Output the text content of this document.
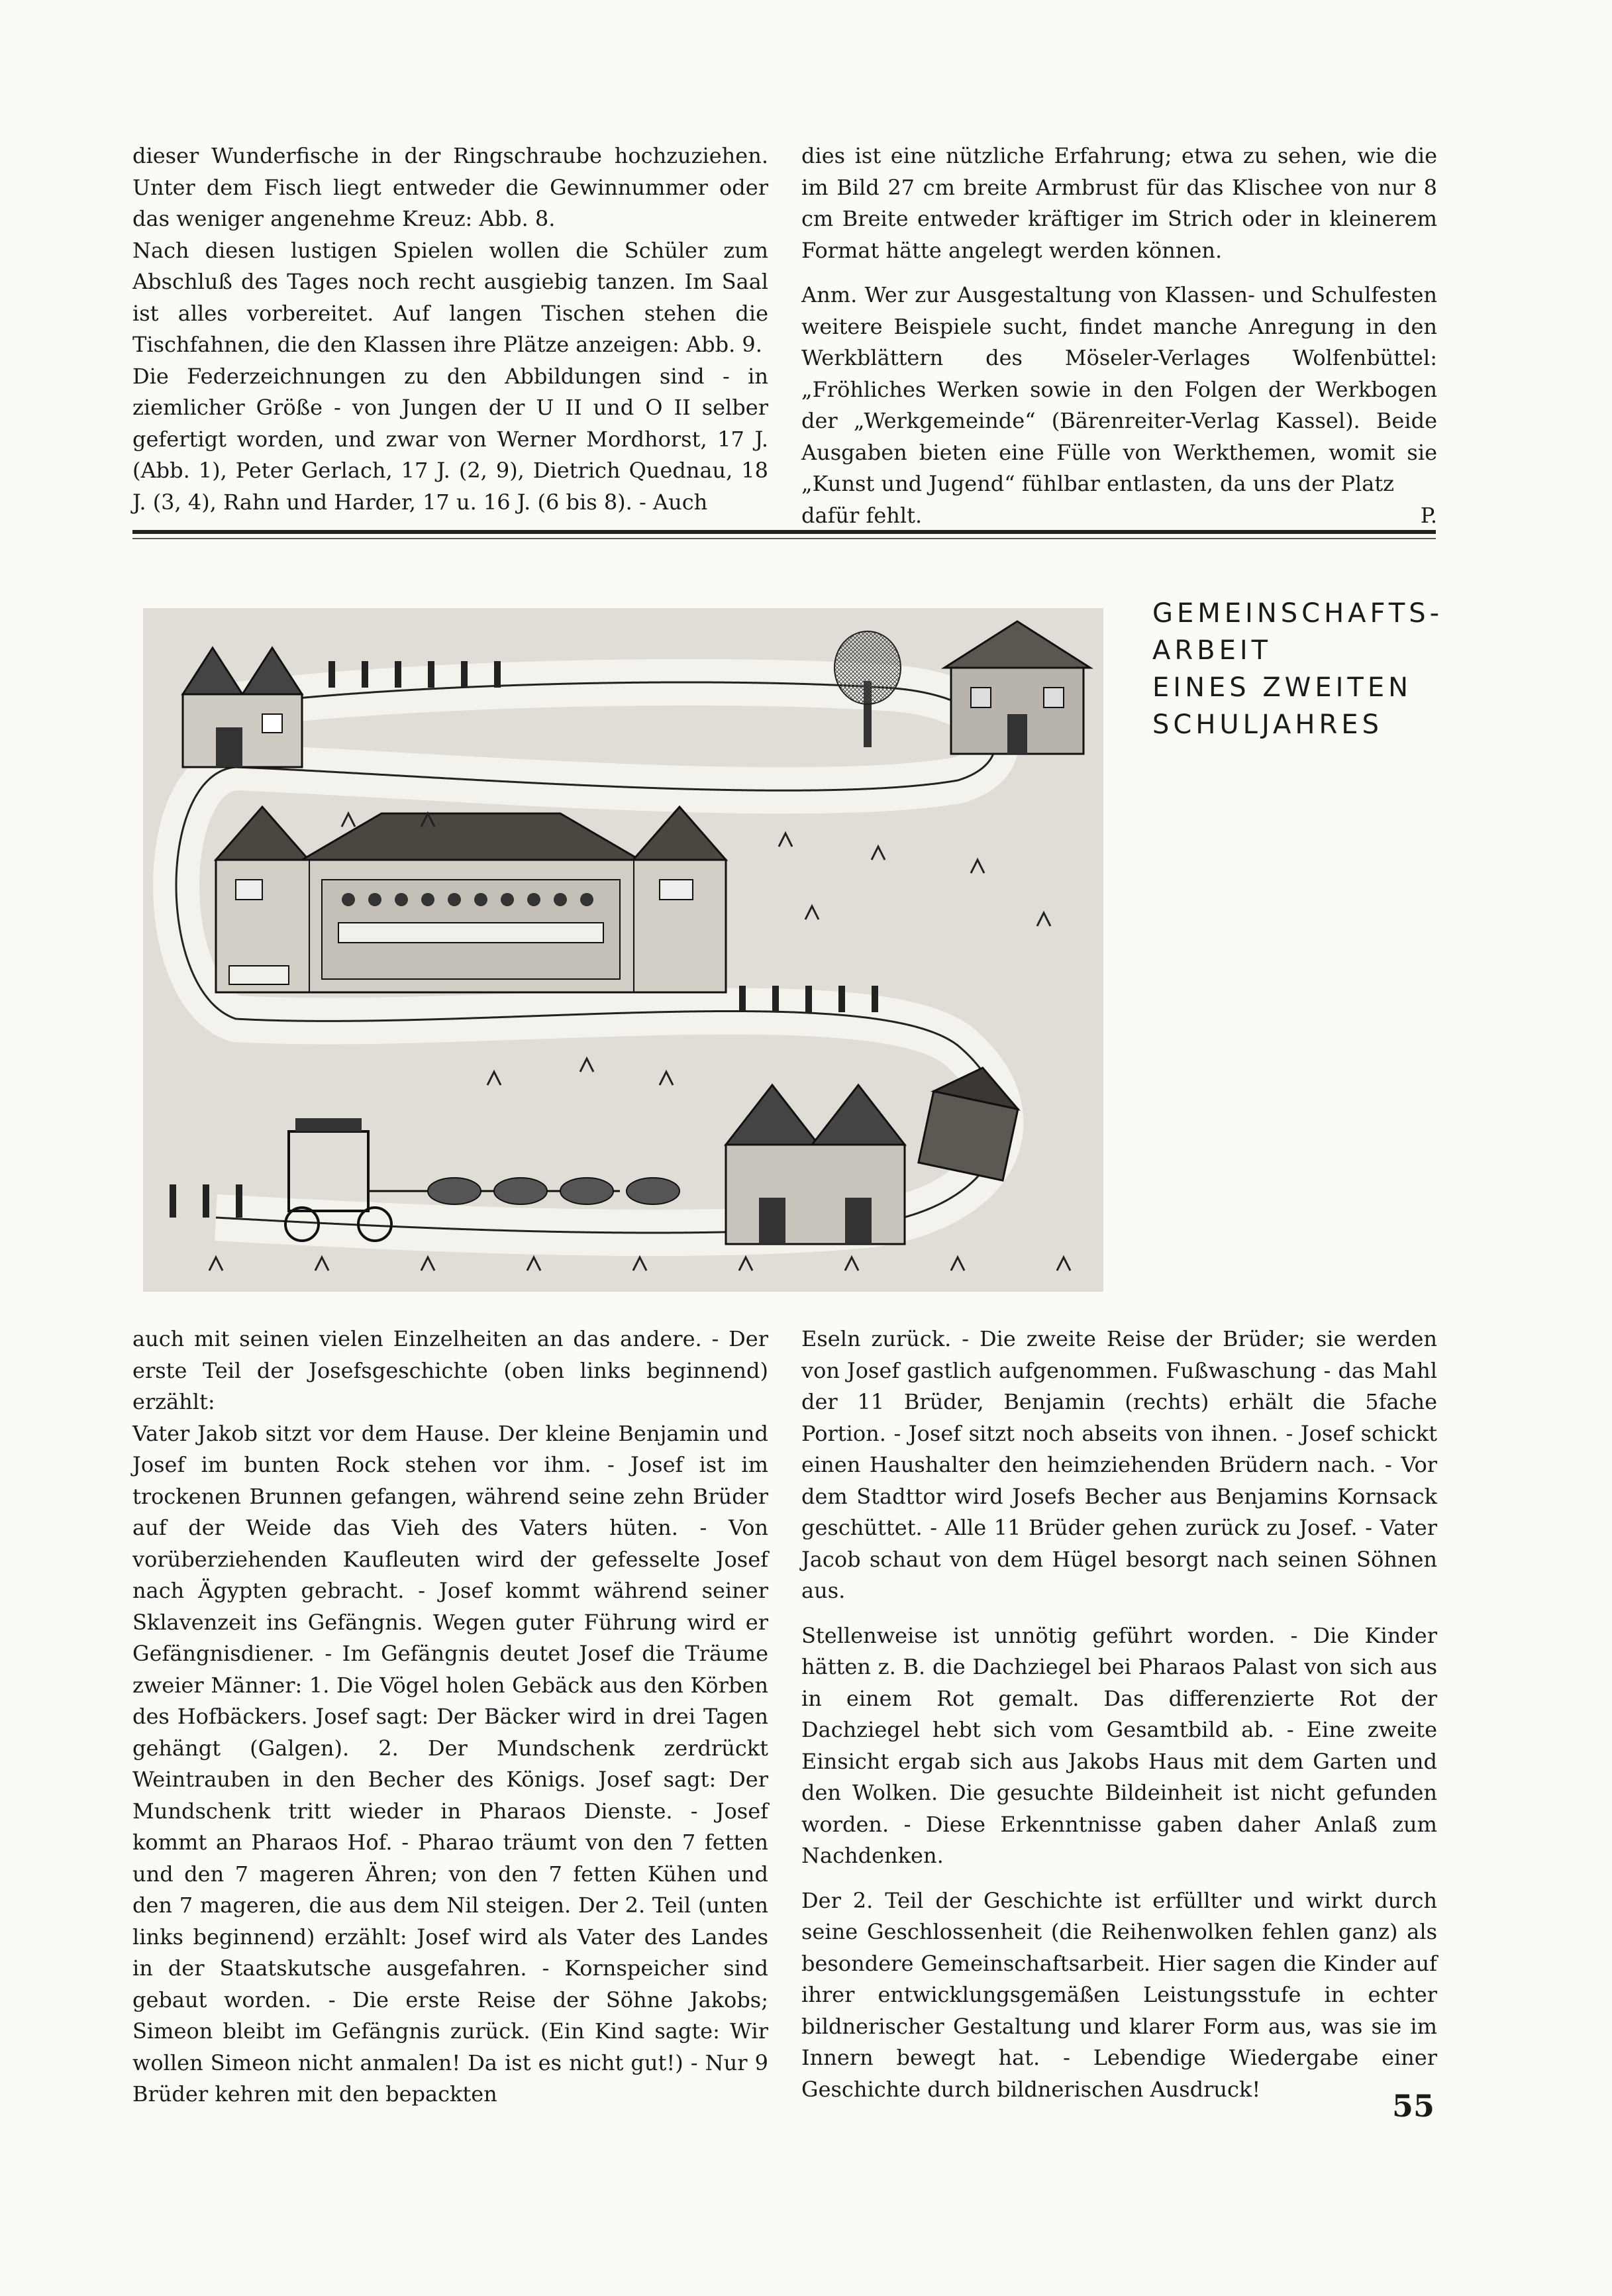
dieser Wunderfische in der Ringschraube hochzuziehen. Unter dem Fisch liegt entweder die Gewinnummer oder das weniger angenehme Kreuz: Abb. 8.

Nach diesen lustigen Spielen wollen die Schüler zum Abschluß des Tages noch recht ausgiebig tanzen. Im Saal ist alles vorbereitet. Auf langen Tischen stehen die Tischfahnen, die den Klassen ihre Plätze anzeigen: Abb. 9.

Die Federzeichnungen zu den Abbildungen sind - in ziemlicher Größe - von Jungen der U II und O II selber gefertigt worden, und zwar von Werner Mordhorst, 17 J. (Abb. 1), Peter Gerlach, 17 J. (2, 9), Dietrich Quednau, 18 J. (3, 4), Rahn und Harder, 17 u. 16 J. (6 bis 8). - Auch

dies ist eine nützliche Erfahrung; etwa zu sehen, wie die im Bild 27 cm breite Armbrust für das Klischee von nur 8 cm Breite entweder kräftiger im Strich oder in kleinerem Format hätte angelegt werden können.

Anm. Wer zur Ausgestaltung von Klassen- und Schulfesten weitere Beispiele sucht, findet manche Anregung in den Werkblättern des Möseler-Verlages Wolfenbüttel: „Fröhliches Werken sowie in den Folgen der Werkbogen der „Werkgemeinde“ (Bärenreiter-Verlag Kassel). Beide Ausgaben bieten eine Fülle von Werkthemen, womit sie „Kunst und Jugend“ fühlbar entlasten, da uns der Platz

dafür fehlt.	P.
GEMEINSCHAFTS-
ARBEIT
EINES ZWEITEN
SCHULJAHRES

auch mit seinen vielen Einzelheiten an das andere. - Der erste Teil der Josefsgeschichte (oben links beginnend) erzählt:

Vater Jakob sitzt vor dem Hause. Der kleine Benjamin und Josef im bunten Rock stehen vor ihm. - Josef ist im trockenen Brunnen gefangen, während seine zehn Brüder auf der Weide das Vieh des Vaters hüten. - Von vorüberziehenden Kaufleuten wird der gefesselte Josef nach Ägypten gebracht. - Josef kommt während seiner Sklavenzeit ins Gefängnis. Wegen guter Führung wird er Gefängnisdiener. - Im Gefängnis deutet Josef die Träume zweier Männer: 1. Die Vögel holen Gebäck aus den Körben des Hofbäckers. Josef sagt: Der Bäcker wird in drei Tagen gehängt (Galgen). 2. Der Mundschenk zerdrückt Weintrauben in den Becher des Königs. Josef sagt: Der Mundschenk tritt wieder in Pharaos Dienste. - Josef kommt an Pharaos Hof. - Pharao träumt von den 7 fetten und den 7 mageren Ähren; von den 7 fetten Kühen und den 7 mageren, die aus dem Nil steigen. Der 2. Teil (unten links beginnend) erzählt: Josef wird als Vater des Landes in der Staatskutsche ausgefahren. - Kornspeicher sind gebaut worden. - Die erste Reise der Söhne Jakobs; Simeon bleibt im Gefängnis zurück. (Ein Kind sagte: Wir wollen Simeon nicht anmalen! Da ist es nicht gut!) - Nur 9 Brüder kehren mit den bepackten

Eseln zurück. - Die zweite Reise der Brüder; sie werden von Josef gastlich aufgenommen. Fußwaschung - das Mahl der 11 Brüder, Benjamin (rechts) erhält die 5fache Portion. - Josef sitzt noch abseits von ihnen. - Josef schickt einen Haushalter den heimziehenden Brüdern nach. - Vor dem Stadttor wird Josefs Becher aus Benjamins Kornsack geschüttet. - Alle 11 Brüder gehen zurück zu Josef. - Vater Jacob schaut von dem Hügel besorgt nach seinen Söhnen aus.

Stellenweise ist unnötig geführt worden. - Die Kinder hätten z. B. die Dachziegel bei Pharaos Palast von sich aus in einem Rot gemalt. Das differenzierte Rot der Dachziegel hebt sich vom Gesamtbild ab. - Eine zweite Einsicht ergab sich aus Jakobs Haus mit dem Garten und den Wolken. Die gesuchte Bildeinheit ist nicht gefunden worden. - Diese Erkenntnisse gaben daher Anlaß zum Nachdenken.

Der 2. Teil der Geschichte ist erfüllter und wirkt durch seine Geschlossenheit (die Reihenwolken fehlen ganz) als besondere Gemeinschaftsarbeit. Hier sagen die Kinder auf ihrer entwicklungsgemäßen Leistungsstufe in echter bildnerischer Gestaltung und klarer Form aus, was sie im Innern bewegt hat. - Lebendige Wiedergabe einer Geschichte durch bildnerischen Ausdruck!	55
